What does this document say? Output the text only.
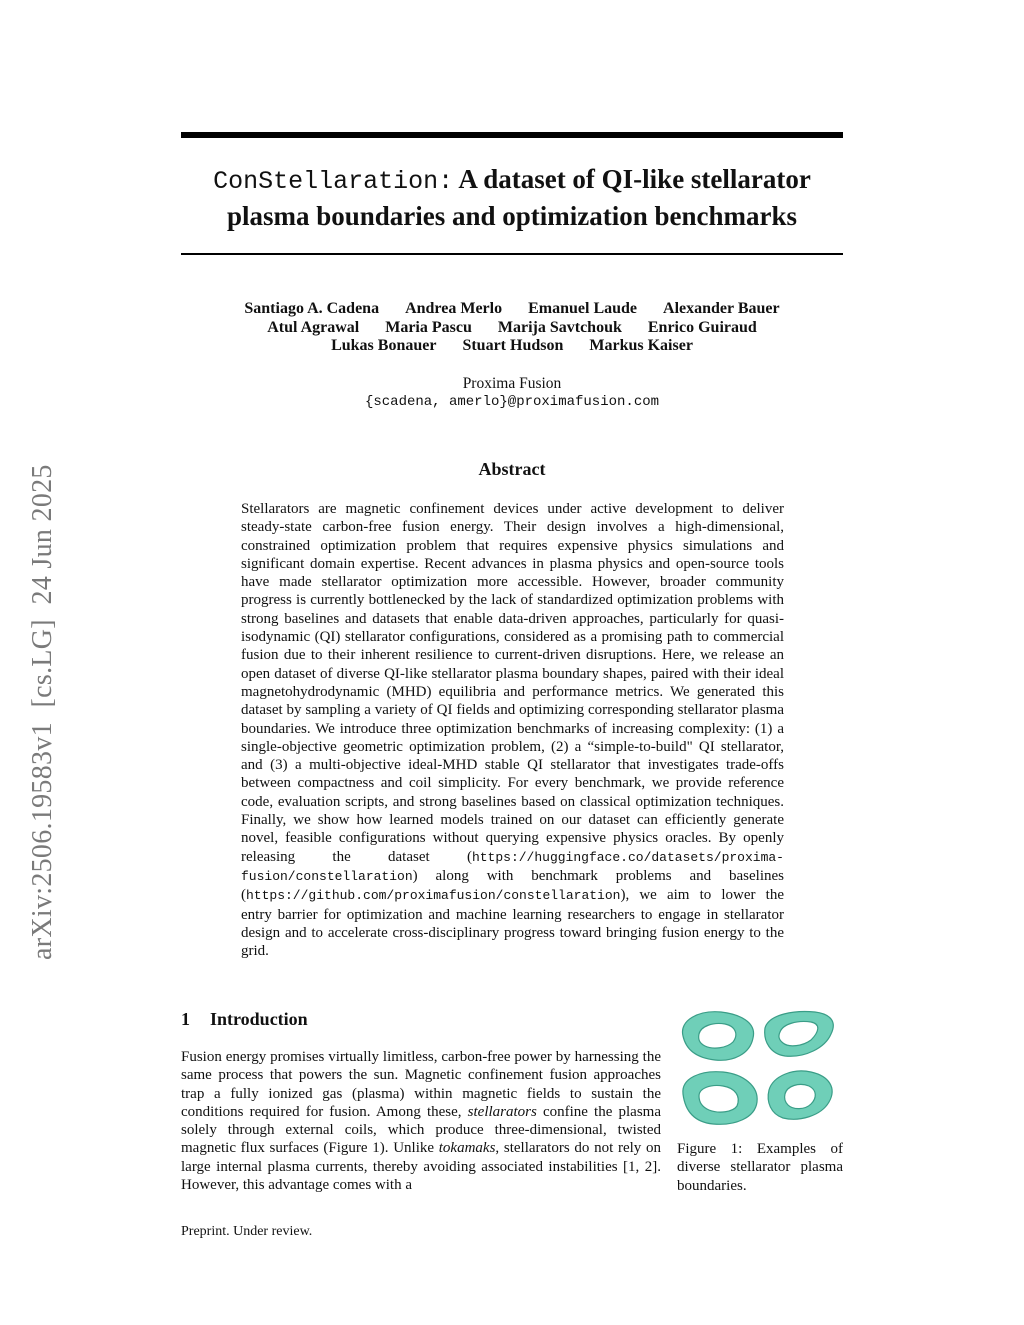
arXiv:2506.19583v1  [cs.LG]  24 Jun 2025
ConStellaration: A dataset of QI-like stellarator
plasma boundaries and optimization benchmarks
Santiago A. Cadena Andrea Merlo Emanuel Laude Alexander Bauer
Atul Agrawal Maria Pascu Marija Savtchouk Enrico Guiraud
Lukas Bonauer Stuart Hudson Markus Kaiser
Proxima Fusion
{scadena, amerlo}@proximafusion.com
Abstract

Stellarators are magnetic confinement devices under active development to deliver steady-state carbon-free fusion energy. Their design involves a high-dimensional, constrained optimization problem that requires expensive physics simulations and significant domain expertise. Recent advances in plasma physics and open-source tools have made stellarator optimization more accessible. However, broader community progress is currently bottlenecked by the lack of standardized optimization problems with strong baselines and datasets that enable data-driven approaches, particularly for quasi-isodynamic (QI) stellarator configurations, considered as a promising path to commercial fusion due to their inherent resilience to current-driven disruptions. Here, we release an open dataset of diverse QI-like stellarator plasma boundary shapes, paired with their ideal magnetohydrodynamic (MHD) equilibria and performance metrics. We generated this dataset by sampling a variety of QI fields and optimizing corresponding stellarator plasma boundaries. We introduce three optimization benchmarks of increasing complexity: (1) a single-objective geometric optimization problem, (2) a “simple-to-build" QI stellarator, and (3) a multi-objective ideal-MHD stable QI stellarator that investigates trade-offs between compactness and coil simplicity. For every benchmark, we provide reference code, evaluation scripts, and strong baselines based on classical optimization techniques. Finally, we show how learned models trained on our dataset can efficiently generate novel, feasible configurations without querying expensive physics oracles. By openly releasing the dataset (https://huggingface.co/datasets/proxima-fusion/constellaration) along with benchmark problems and baselines (https://github.com/proximafusion/constellaration), we aim to lower the entry barrier for optimization and machine learning researchers to engage in stellarator design and to accelerate cross-disciplinary progress toward bringing fusion energy to the grid.

1 Introduction

Fusion energy promises virtually limitless, carbon-free power by harnessing the same process that powers the sun. Magnetic confinement fusion approaches trap a fully ionized gas (plasma) within magnetic fields to sustain the conditions required for fusion. Among these, stellarators confine the plasma solely through external coils, which produce three-dimensional, twisted magnetic flux surfaces (Figure 1). Unlike tokamaks, stellarators do not rely on large internal plasma currents, thereby avoiding associated instabilities [1, 2]. However, this advantage comes with a

Figure 1: Examples of diverse stellarator plasma boundaries.
Preprint. Under review.
